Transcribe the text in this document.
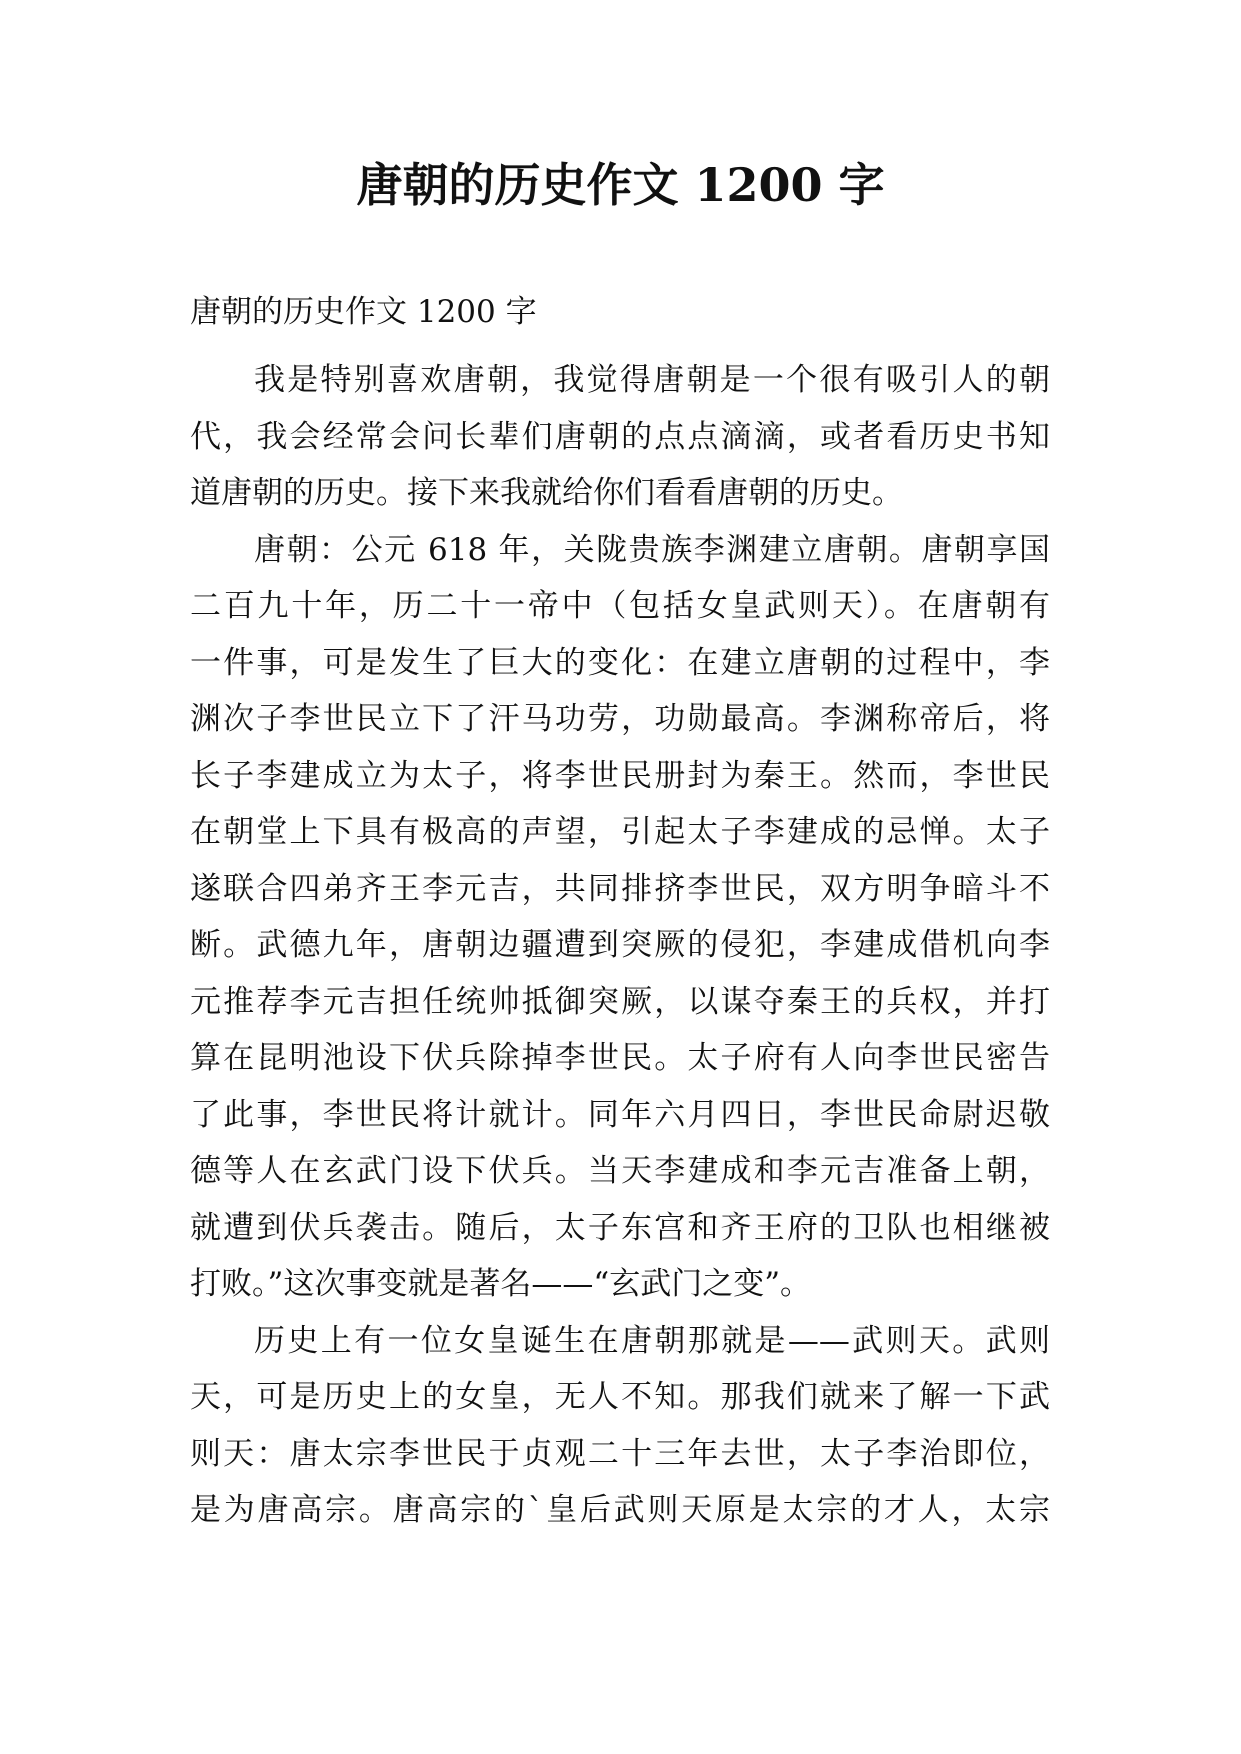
唐朝的历史作文 1200 字

唐朝的历史作文 1200 字

我是特别喜欢唐朝，我觉得唐朝是一个很有吸引人的朝
代，我会经常会问长辈们唐朝的点点滴滴，或者看历史书知
道唐朝的历史。接下来我就给你们看看唐朝的历史。
唐朝：公元 618 年，关陇贵族李渊建立唐朝。唐朝享国
二百九十年，历二十一帝中（包括女皇武则天）。在唐朝有
一件事，可是发生了巨大的变化：在建立唐朝的过程中，李
渊次子李世民立下了汗马功劳，功勋最高。李渊称帝后，将
长子李建成立为太子，将李世民册封为秦王。然而，李世民
在朝堂上下具有极高的声望，引起太子李建成的忌惮。太子
遂联合四弟齐王李元吉，共同排挤李世民，双方明争暗斗不
断。武德九年，唐朝边疆遭到突厥的侵犯，李建成借机向李
元推荐李元吉担任统帅抵御突厥，以谋夺秦王的兵权，并打
算在昆明池设下伏兵除掉李世民。太子府有人向李世民密告
了此事，李世民将计就计。同年六月四日，李世民命尉迟敬
德等人在玄武门设下伏兵。当天李建成和李元吉准备上朝，
就遭到伏兵袭击。随后，太子东宫和齐王府的卫队也相继被
打败。”这次事变就是著名——“玄武门之变”。
历史上有一位女皇诞生在唐朝那就是——武则天。武则
天，可是历史上的女皇，无人不知。那我们就来了解一下武
则天：唐太宗李世民于贞观二十三年去世，太子李治即位，
是为唐高宗。唐高宗的`皇后武则天原是太宗的才人，太宗
